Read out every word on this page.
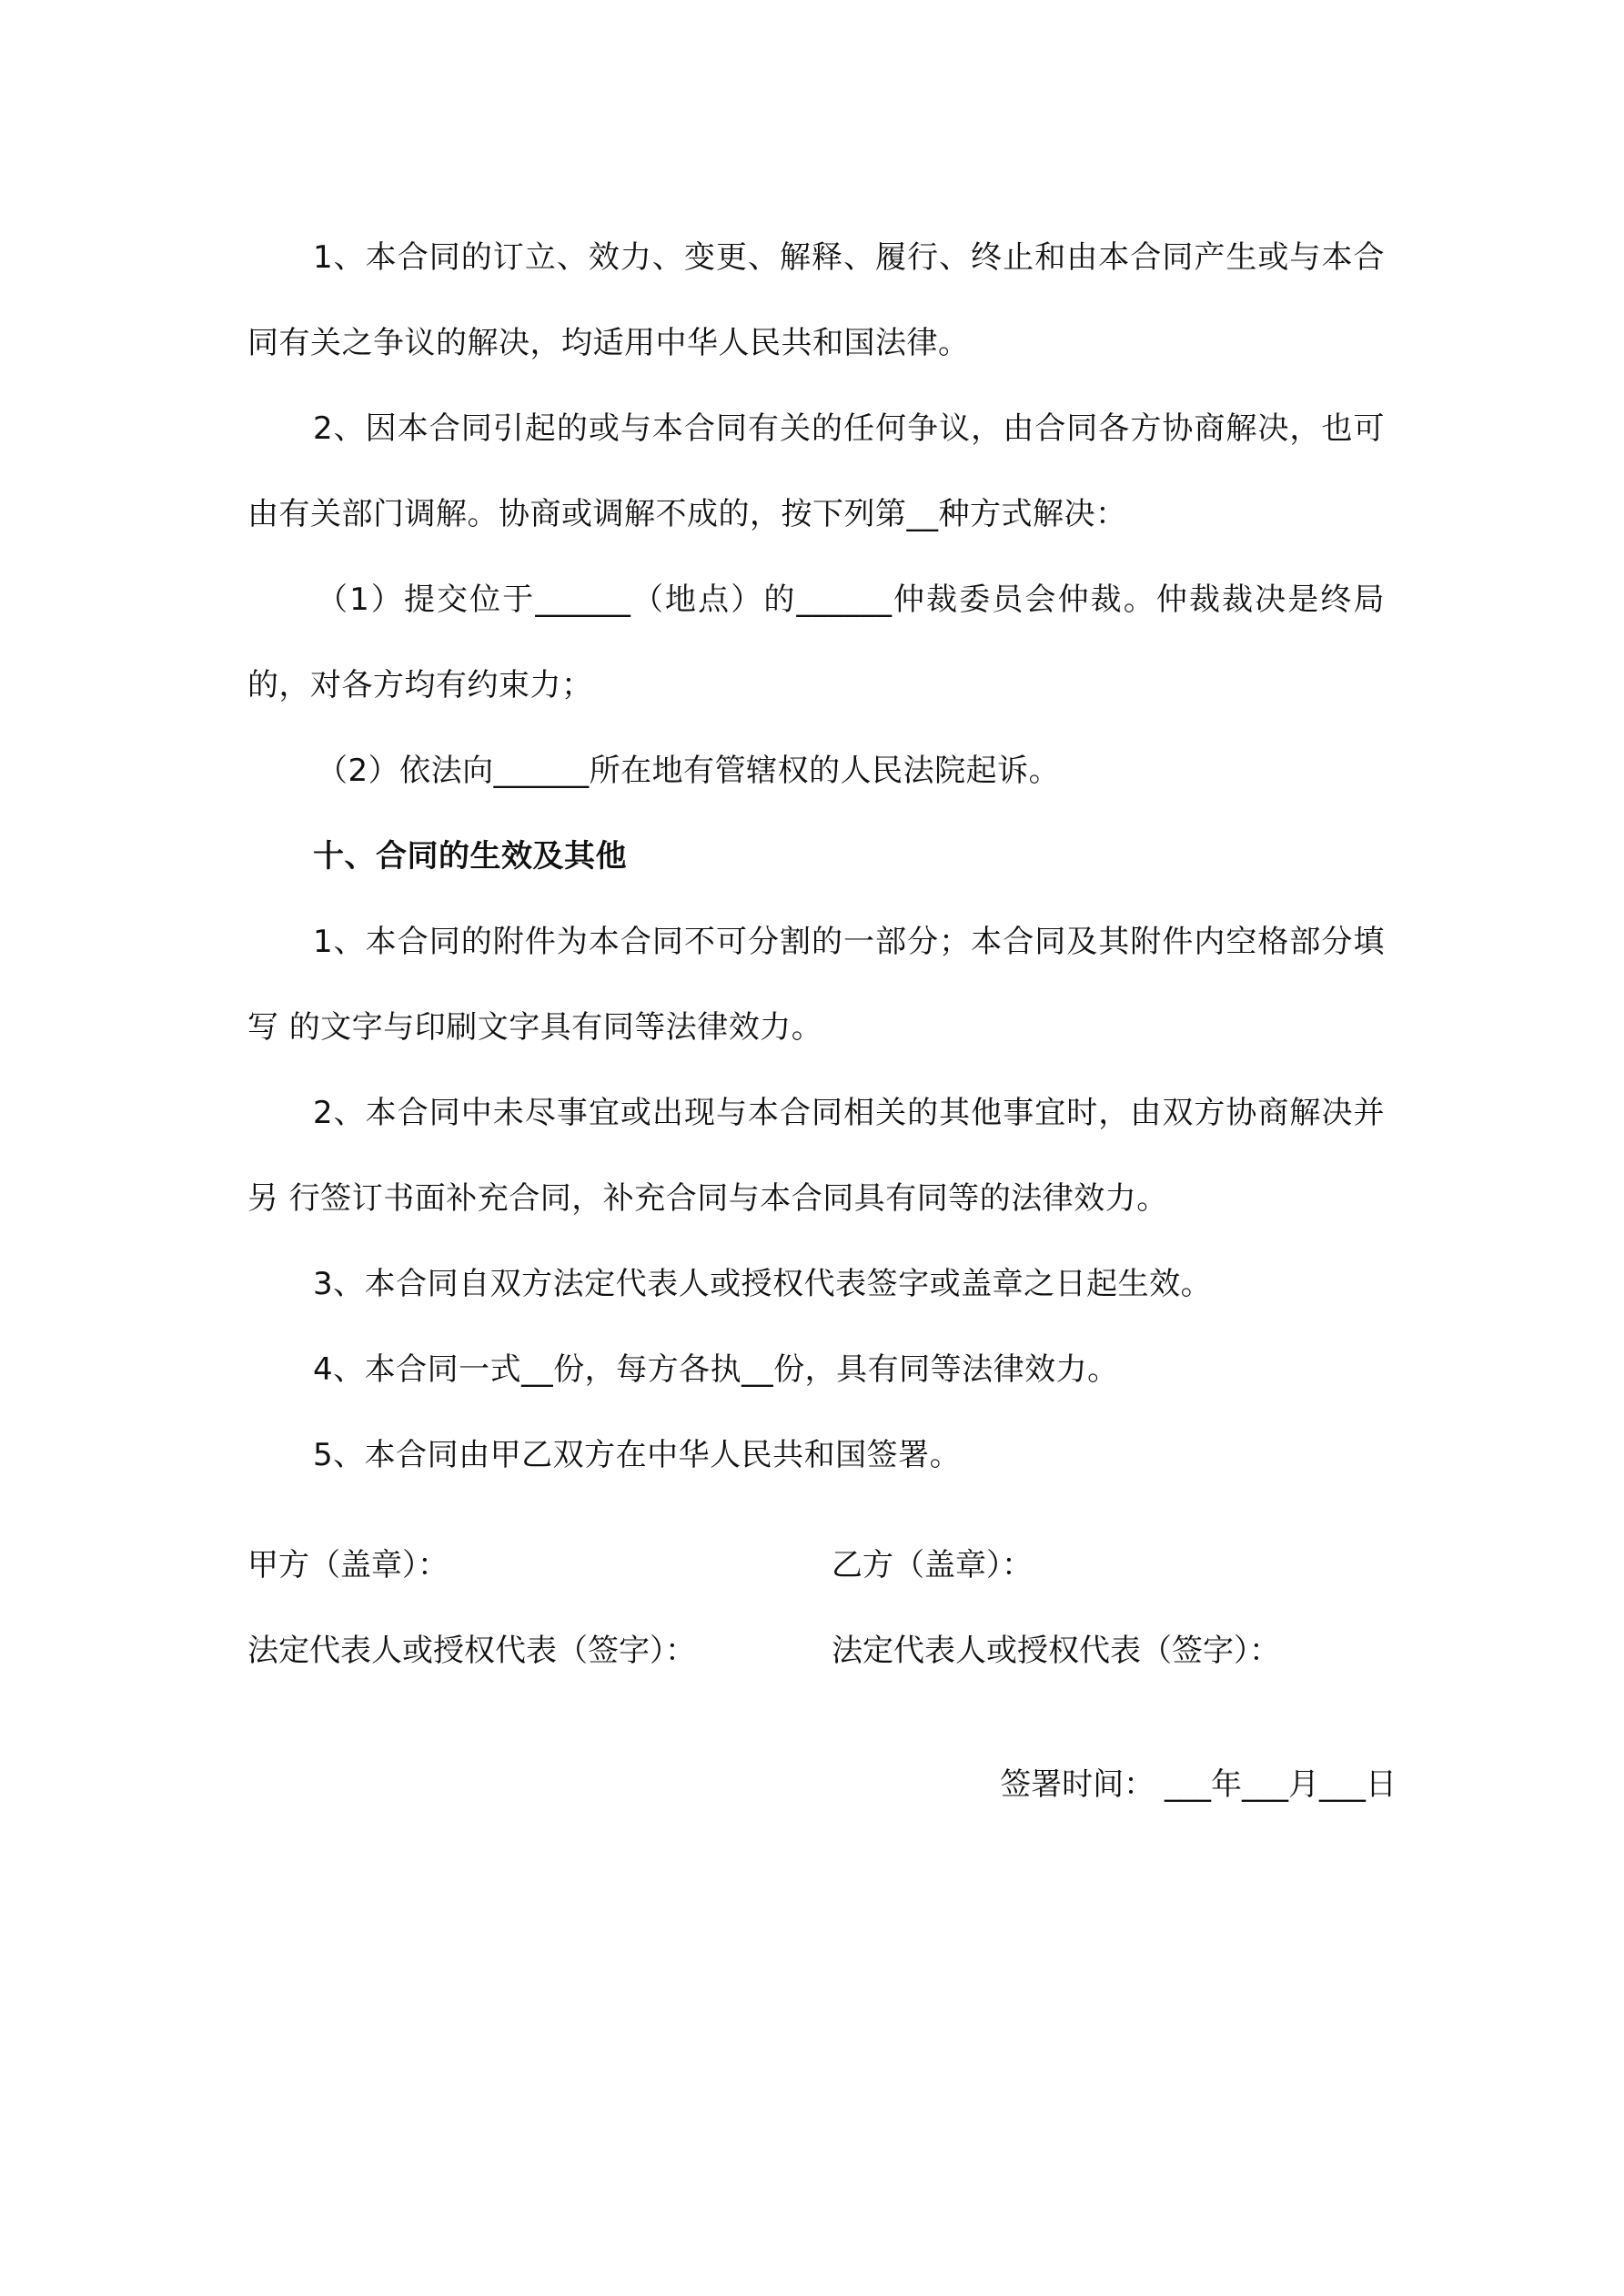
1、本合同的订立、效力、变更、解释、履行、终止和由本合同产生或与本合同有关之争议的解决，均适用中华人民共和国法律。

2、因本合同引起的或与本合同有关的任何争议，由合同各方协商解决，也可由有关部门调解。协商或调解不成的，按下列第__种方式解决：

（1）提交位于______（地点）的______仲裁委员会仲裁。仲裁裁决是终局的，对各方均有约束力；

（2）依法向______所在地有管辖权的人民法院起诉。

十、合同的生效及其他

1、本合同的附件为本合同不可分割的一部分；本合同及其附件内空格部分填写 的文字与印刷文字具有同等法律效力。

2、本合同中未尽事宜或出现与本合同相关的其他事宜时，由双方协商解决并另 行签订书面补充合同，补充合同与本合同具有同等的法律效力。

3、本合同自双方法定代表人或授权代表签字或盖章之日起生效。

4、本合同一式__份，每方各执__份，具有同等法律效力。

5、本合同由甲乙双方在中华人民共和国签署。

甲方（盖章）：	乙方（盖章）：
法定代表人或授权代表（签字）：	法定代表人或授权代表（签字）：
签署时间： ___年___月___日
